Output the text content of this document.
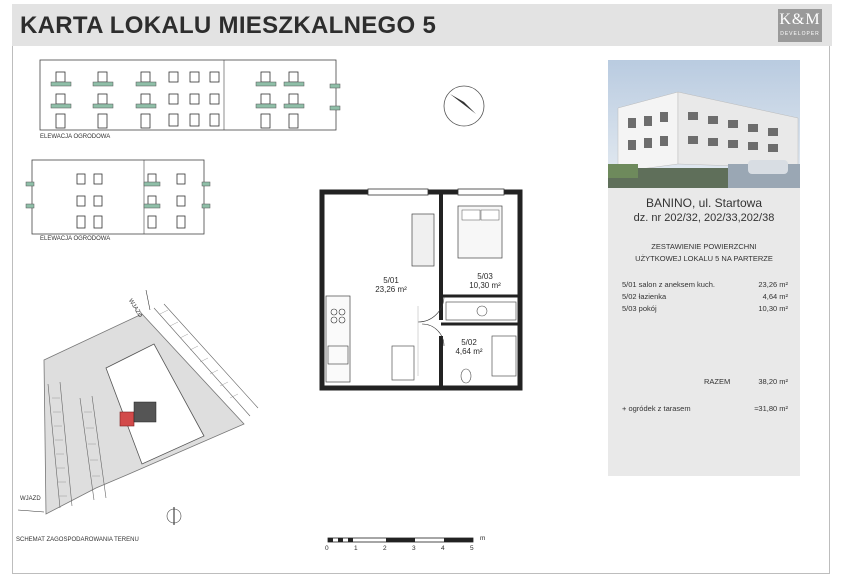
KARTA LOKALU MIESZKALNEGO 5	K&M
DEVELOPER
ELEWACJA OGRODOWA
ELEWACJA OGRODOWA
WJAZD
WJAZD
SCHEMAT ZAGOSPODAROWANIA TERENU
5/01
23,26 m²
5/03
10,30 m²
5/02
4,64 m²
0	1	2	3	4	5
m
BANINO, ul. Startowa
dz. nr 202/32, 202/33,202/38
ZESTAWIENIE POWIERZCHNI
UŻYTKOWEJ LOKALU 5 NA PARTERZE
5/01 salon z aneksem kuch.	23,26 m²
5/02 łazienka	4,64 m²
5/03 pokój	10,30 m²
RAZEM	38,20 m²
+ ogródek z tarasem	≈31,80 m²
